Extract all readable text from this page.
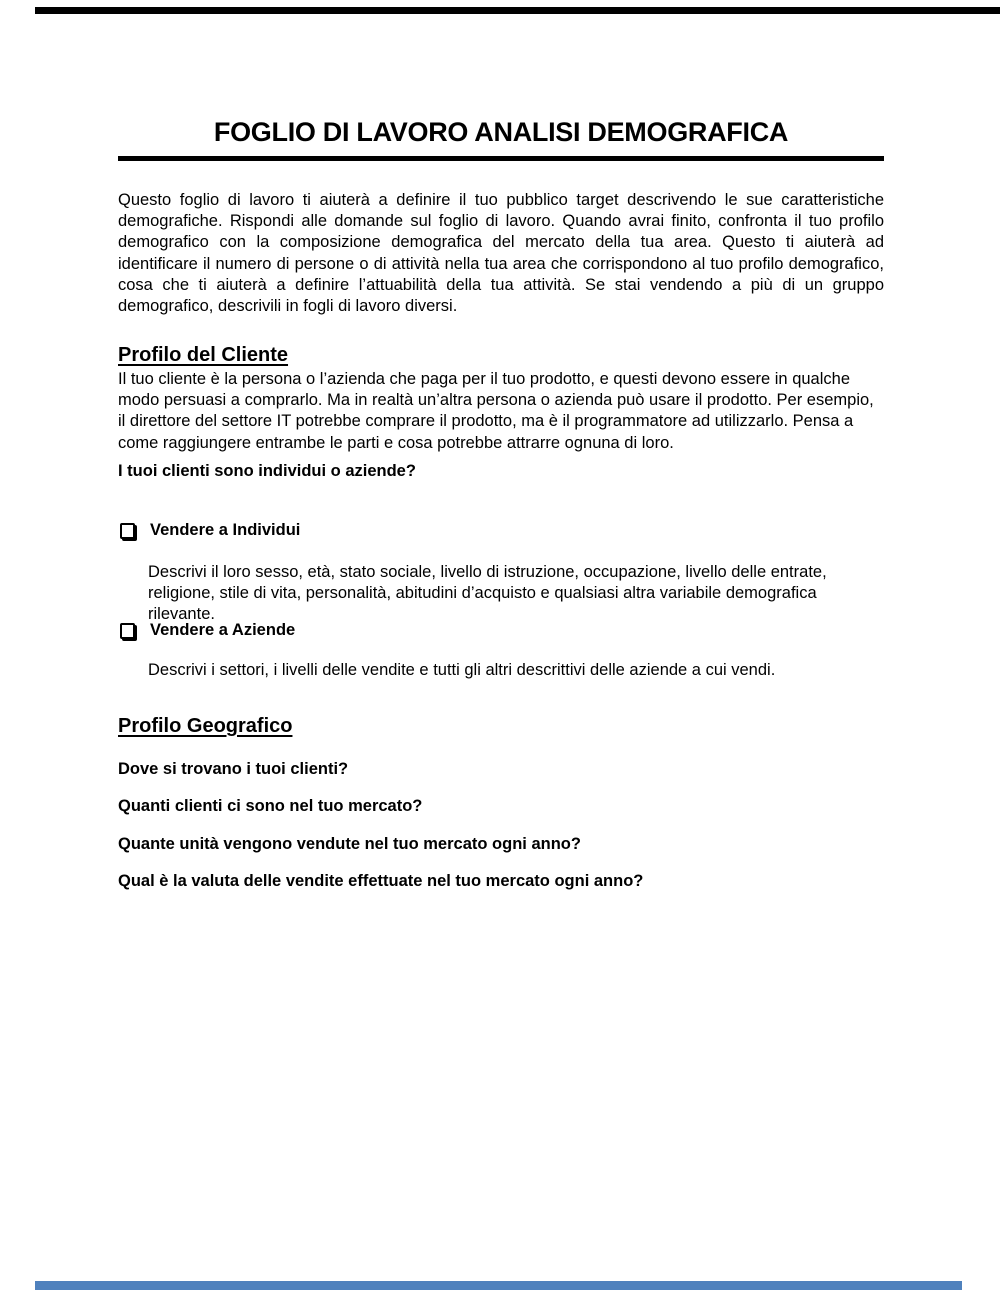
FOGLIO DI LAVORO ANALISI DEMOGRAFICA

Questo foglio di lavoro ti aiuterà a definire il tuo pubblico target descrivendo le sue caratteristiche demografiche. Rispondi alle domande sul foglio di lavoro. Quando avrai finito, confronta il tuo profilo demografico con la composizione demografica del mercato della tua area. Questo ti aiuterà ad identificare il numero di persone o di attività nella tua area che corrispondono al tuo profilo demografico, cosa che ti aiuterà a definire l’attuabilità della tua attività. Se stai vendendo a più di un gruppo demografico, descrivili in fogli di lavoro diversi.

Profilo del Cliente

Il tuo cliente è la persona o l’azienda che paga per il tuo prodotto, e questi devono essere in qualche modo persuasi a comprarlo. Ma in realtà un’altra persona o azienda può usare il prodotto. Per esempio, il direttore del settore IT potrebbe comprare il prodotto, ma è il programmatore ad utilizzarlo. Pensa a come raggiungere entrambe le parti e cosa potrebbe attrarre ognuna di loro.

I tuoi clienti sono individui o aziende?

Vendere a Individui

Descrivi il loro sesso, età, stato sociale, livello di istruzione, occupazione, livello delle entrate, religione, stile di vita, personalità, abitudini d’acquisto e qualsiasi altra variabile demografica rilevante.

Vendere a Aziende

Descrivi i settori, i livelli delle vendite e tutti gli altri descrittivi delle aziende a cui vendi.

Profilo Geografico

Dove si trovano i tuoi clienti?

Quanti clienti ci sono nel tuo mercato?

Quante unità vengono vendute nel tuo mercato ogni anno?

Qual è la valuta delle vendite effettuate nel tuo mercato ogni anno?
